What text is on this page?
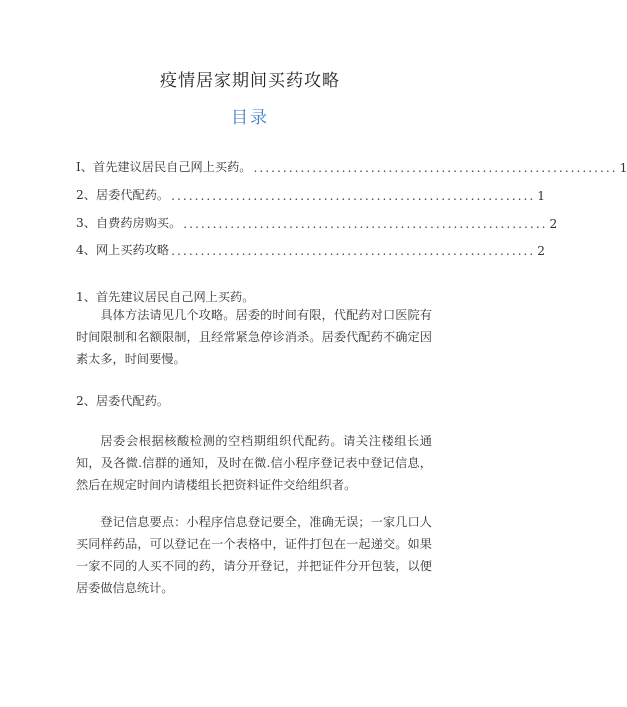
疫情居家期间买药攻略
目录
I、首先建议居民自己网上买药。 .............................................................. 1
2、居委代配药。 .............................................................. 1
3、自费药房购买。 .............................................................. 2
4、网上买药攻略 .............................................................. 2
1、首先建议居民自己网上买药。

具体方法请见几个攻略。居委的时间有限，代配药对口医院有时间限制和名额限制，且经常紧急停诊消杀。居委代配药不确定因素太多，时间要慢。

2、居委代配药。

居委会根据核酸检测的空档期组织代配药。请关注楼组长通知，及各微.信群的通知，及时在微.信小程序登记表中登记信息，然后在规定时间内请楼组长把资料证件交给组织者。

登记信息要点：小程序信息登记要全，准确无误；一家几口人买同样药品，可以登记在一个表格中，证件打包在一起递交。如果一家不同的人买不同的药，请分开登记，并把证件分开包装，以便居委做信息统计。
